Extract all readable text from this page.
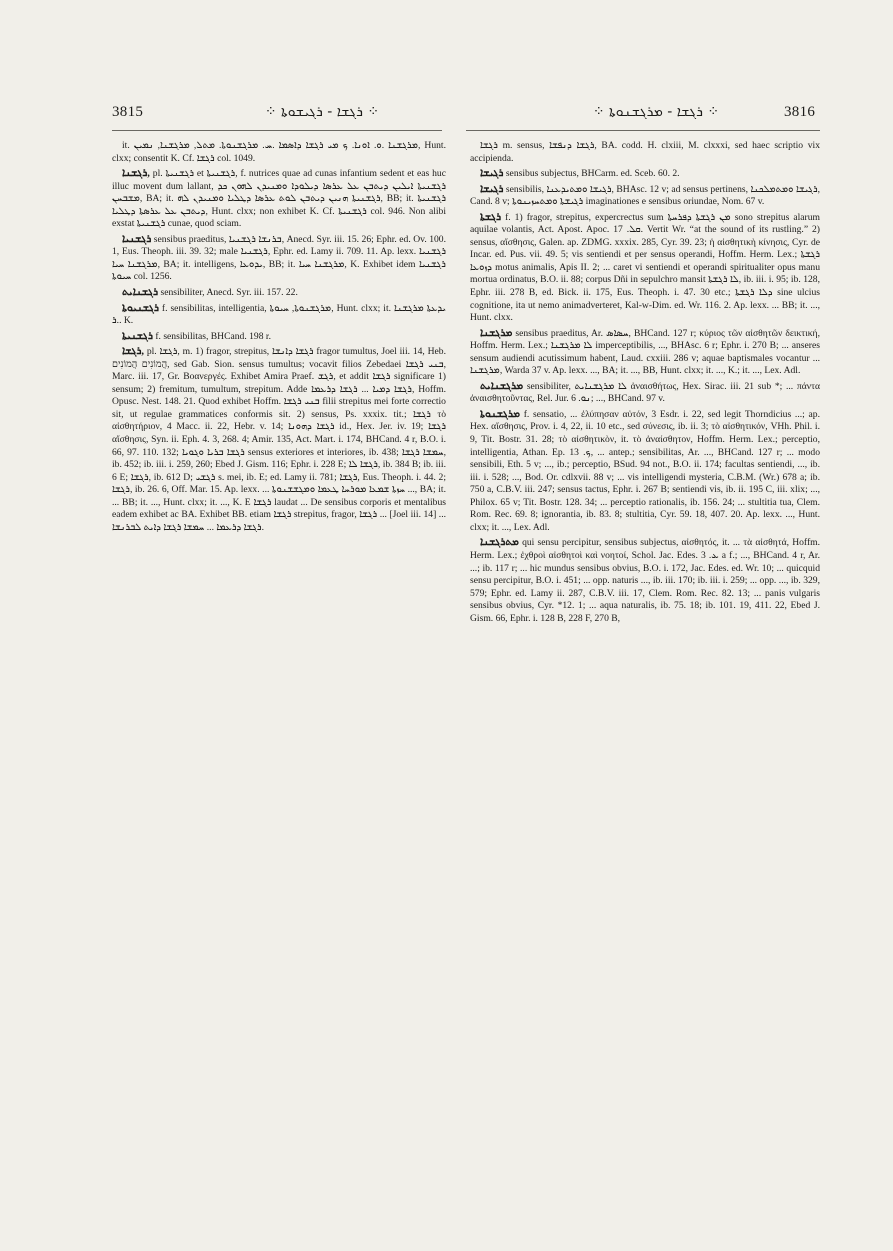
3815	⁘ ܪܓܫܐ - ܪܓܝܫܘܬܐ ⁘	⁘ ܪܓܫܐ - ܡܪܓܫܢܘܬܐ ⁘	3816

it. ܡܪܓܫܢܐ .ܘ. ܐܘܢܐ. ܟ ܡܝ ܪܓܫܐ ܕܐܣܡܐ .ܚ. ܡܪܓܫܢܘܬܐ. ܡܬܠ, ܡܪܓܫܢܐ, ܢܡܝܢ, Hunt. clxx; consentit K. Cf. ܪܓܫܐ col. 1049.

ܪܓܫܢܐ, pl. ܪܓܫܢܝܬܐ et ܪܓܫܢܝܬܐ, f. nutrices quae ad cunas infantium sedent et eas huc illuc movent dum lallant, ܪܓܫܢܝܬܐ ܐܝܠܝܢ ܕܝܬܒܢ ܥܠ ܥܪܣܐ ܕܝܠܘܕܐ ܘܡܢܝܕܢ ܠܗܘܢ ܟܕ ܡܫܒܚܢ, BA; it. ܪܓܫܢܝܬܐ ܗܢܝܢ ܕܝܬܒܢ ܠܘܬ ܥܪܣܐ ܕܛܠܝܐ ܘܡܢܝܕܢ ܠܗ, BB; it. ܪܓܫܢܝܬܐ ܕܝܬܒܢ ܥܠ ܥܪܣܬܐ ܕܛܠܝܐ, Hunt. clxx; non exhibet K. Cf. ܪܓܫܢܝܬܐ col. 946. Non alibi exstat ܪܓܫܢܝܬܐ cunae, quod sciam.

ܪܓܫܢܝܐ sensibus praeditus, ܒܪܢܫܐ ܪܓܫܢܝܐ, Anecd. Syr. iii. 15. 26; Ephr. ed. Ov. 100. 1, Eus. Theoph. iii. 39. 32; male ܪܓܫܢܝܐ, Ephr. ed. Lamy ii. 709. 11. Ap. lexx. ܪܓܫܢܝܐ ܡܪܓܫܢܐ ܚܝܐ, BA; it. intelligens, ܝܕܘܥܐ, BB; it. ܡܪܓܫܢܐ ܚܝܐ, K. Exhibet idem ܪܓܫܢܝܐ ܚܝܘܬܐ col. 1256.

ܪܓܫܢܐܝܬ sensibiliter, Anecd. Syr. iii. 157. 22.

ܪܓܫܢܝܘܬܐ f. sensibilitas, intelligentia, ܡܪܓܫܢܘܬܐ, ܚܝܘܬܐ, Hunt. clxx; it. ܝܕܥܬܐ ܡܪܓܫܢܐ .ܪ. K.

ܪܓܫܢܝܬܐ f. sensibilitas, BHCand. 198 r.

ܪܓܫܐ, pl. ܪܓܫܐ, m. 1) fragor, strepitus, ܪܓܫܐ ܕܐܢܫܐ fragor tumultus, Joel iii. 14, Heb. הֲמוֹנִים הֲמוֹנִים, sed Gab. Sion. sensus tumultus; vocavit filios Zebedaei ܒܢܝ ܪܓܫܐ, Marc. iii. 17, Gr. Βοανεργές. Exhibet Amira Praef. ܪܓܫ, et addit ܪܓܫܐ significare 1) sensum; 2) fremitum, tumultum, strepitum. Adde ܪܓܫܐ ܕܡܝܐ ... ܪܓܫܐ ܕܪܥܡܐ, Hoffm. Opusc. Nest. 148. 21. Quod exhibet Hoffm. ܒܢܝ ܪܓܫܐ filii strepitus mei forte correctio sit, ut regulae grammatices conformis sit. 2) sensus, Ps. xxxix. tit.; ܪܓܫܐ τὸ αἰσθητήριον, 4 Macc. ii. 22, Hebr. v. 14; ܪܓܫܐ ܕܗܘܢܐ id., Hex. Jer. iv. 19; ܪܓܫܐ αἴσθησις, Syn. ii. Eph. 4. 3, 268. 4; Amir. 135, Act. Mart. i. 174, BHCand. 4 r, B.O. i. 66, 97. 110. 132; ܪܓܫܐ ܒܪܝܐ ܘܓܘܝܐ sensus exteriores et interiores, ib. 438; ܚܡܫܐ ܪܓܫܐ, ib. 452; ib. iii. i. 259, 260; Ebed J. Gism. 116; Ephr. i. 228 E; ܪܓܫܐ ܠܐ, ib. 384 B; ib. iii. 6 E; ܪܓܫܐ, ib. 612 D; ܪܓܫܝ s. mei, ib. E; ed. Lamy ii. 781; ܪܓܫܐ, Eus. Theoph. i. 44. 2; ܪܓܫܐ, ib. 26. 6, Off. Mar. 15. Ap. lexx. ... ܚܙܬܐ ܫܡܥܐ ܡܘܪܚܐ ܛܥܡܐ ܘܡܓܫܫܢܘܬܐ ..., BA; it. ... BB; it. ..., Hunt. clxx; it. ..., K. E ܪܓܫܐ laudat ... De sensibus corporis et mentalibus eadem exhibet ac BA. Exhibet BB. etiam ܪܓܫܐ strepitus, fragor, ܪܓܫܐ ... [Joel iii. 14] ... ܪܓܫܐ ܕܪܥܡܐ ... ܚܡܫܐ ܪܓܫܐ ܕܐܝܬ ܠܒܪܢܫܐ.

ܪܓܫܐ m. sensus, ܪܓܫܐ ܕܢܦܫܐ, BA. codd. H. clxiii, M. clxxxi, sed haec scriptio vix accipienda.

ܪܓܝܫܐ sensibus subjectus, BHCarm. ed. Sceb. 60. 2.

ܪܓܝܫܐ sensibilis, ܪܓܝܫܐ ܘܡܬܝܕܥܢܐ, BHAsc. 12 v; ad sensus pertinens, ܪܓܝܫܐ ܘܡܬܡܠܟܢܐ, Cand. 8 v; ܪܓܝܫܬܐ ܘܡܬܚܙܝܢܘܬܐ imaginationes e sensibus oriundae, Nom. 67 v.

ܪܓܫܬܐ f. 1) fragor, strepitus, expercrectus sum ܡܢ ܪܓܫܬܐ ܕܦܪܚܬܐ sono strepitus alarum aquilae volantis, Act. Apost. Apoc. ܩܠ. 17. Vertit Wr. “at the sound of its rustling.” 2) sensus, αἴσθησις, Galen. ap. ZDMG. xxxix. 285, Cyr. 39. 23; ἡ αἰσθητικὴ κίνησις, Cyr. de Incar. ed. Pus. vii. 49. 5; vis sentiendi et per sensus operandi, Hoffm. Herm. Lex.; ܪܓܫܬܐ ܕܙܘܥܐ motus animalis, Apis II. 2; ... caret vi sentiendi et operandi spiritualiter opus manu mortua ordinatus, B.O. ii. 88; corpus Dñi in sepulchro mansit ܠܐ ܪܓܫܬܐ, ib. iii. i. 95; ib. 128, Ephr. iii. 278 B, ed. Bick. ii. 175, Eus. Theoph. i. 47. 30 etc.; ܕܠܐ ܪܓܫܬܐ sine ulcius cognitione, ita ut nemo animadverteret, Kal-w-Dim. ed. Wr. 116. 2. Ap. lexx. ... BB; it. ..., Hunt. clxx.

ܡܪܓܫܢܐ sensibus praeditus, Ar. ܚܣܐܣ, BHCand. 127 r; κύριος τῶν αἰσθητῶν δεικτική, Hoffm. Herm. Lex.; ܠܐ ܡܪܓܫܢܐ imperceptibilis, ..., BHAsc. 6 r; Ephr. i. 270 B; ... anseres sensum audiendi acutissimum habent, Laud. cxxiii. 286 v; aquae baptismales vocantur ... ܡܪܓܫܢܐ, Warda 37 v. Ap. lexx. ..., BA; it. ..., BB, Hunt. clxx; it. ..., K.; it. ..., Lex. Adl.

ܡܪܓܫܢܐܝܬ sensibiliter, ܠܐ ܡܪܓܫܢܐܝܬ ἀναισθήτως, Hex. Sirac. iii. 21 sub *; ... πάντα ἀναισθητοῦντας, Rel. Jur. ܢܘ. 6; ..., BHCand. 97 v.

ܡܪܓܫܢܘܬܐ f. sensatio, ... ἐλύπησαν αὐτόν, 3 Esdr. i. 22, sed legit Thorndicius ...; ap. Hex. αἴσθησις, Prov. i. 4, 22, ii. 10 etc., sed σύνεσις, ib. ii. 3; τὸ αἰσθητικόν, VHh. Phil. i. 9, Tit. Bostr. 31. 28; τὸ αἰσθητικὸν, it. τὸ ἀναίσθητον, Hoffm. Herm. Lex.; perceptio, intelligentia, Athan. Ep. ܟ. 13, ... antep.; sensibilitas, Ar. ..., BHCand. 127 r; ... modo sensibili, Eth. 5 v; ..., ib.; perceptio, BSud. 94 not., B.O. ii. 174; facultas sentiendi, ..., ib. iii. i. 528; ..., Bod. Or. cdlxvii. 88 v; ... vis intelligendi mysteria, C.B.M. (Wr.) 678 a; ib. 750 a, C.B.V. iii. 247; sensus tactus, Ephr. i. 267 B; sentiendi vis, ib. ii. 195 C, iii. xlix; ..., Philox. 65 v; Tit. Bostr. 128. 34; ... perceptio rationalis, ib. 156. 24; ... stultitia tua, Clem. Rom. Rec. 69. 8; ignorantia, ib. 83. 8; stultitia, Cyr. 59. 18, 407. 20. Ap. lexx. ..., Hunt. clxx; it. ..., Lex. Adl.

ܡܬܪܓܫܢܐ qui sensu percipitur, sensibus subjectus, αἰσθητός, it. ... τὰ αἰσθητά, Hoffm. Herm. Lex.; ἐχθροὶ αἰσθητοὶ καὶ νοητοί, Schol. Jac. Edes. ܥ. 3 a f.; ..., BHCand. 4 r, Ar. ...; ib. 117 r; ... hic mundus sensibus obvius, B.O. i. 172, Jac. Edes. ed. Wr. 10; ... quicquid sensu percipitur, B.O. i. 451; ... opp. naturis ..., ib. iii. 170; ib. iii. i. 259; ... opp. ..., ib. 329, 579; Ephr. ed. Lamy ii. 287, C.B.V. iii. 17, Clem. Rom. Rec. 82. 13; ... panis vulgaris sensibus obvius, Cyr. *12. 1; ... aqua naturalis, ib. 75. 18; ib. 101. 19, 411. 22, Ebed J. Gism. 66, Ephr. i. 128 B, 228 F, 270 B,
